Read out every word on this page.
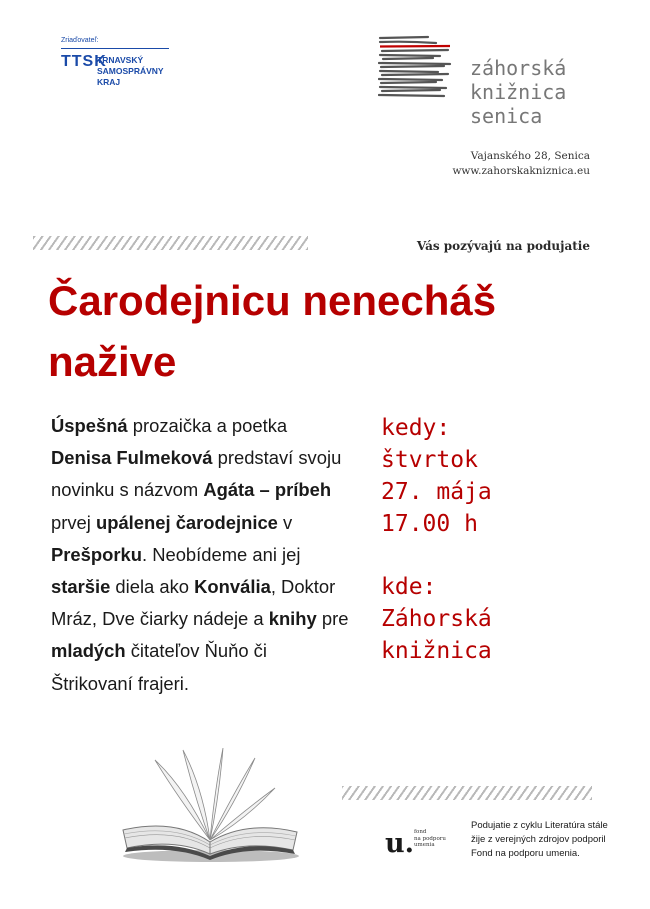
Zriaďovateľ:
TTSK
TRNAVSKÝ
SAMOSPRÁVNY
KRAJ
záhorská
knižnica
senica
Vajanského 28, Senica
www.zahorskakniznica.eu
Vás pozývajú na podujatie
Čarodejnicu nenecháš nažive
Úspešná prozaička a poetka Denisa Fulmeková predstaví svoju novinku s názvom Agáta – príbeh prvej upálenej čarodejnice v Prešporku. Neobídeme ani jej staršie diela ako Konvália, Doktor Mráz, Dve čiarky nádeje a knihy pre mladých čitateľov Ňuňo či Štrikovaní frajeri.
kedy:
štvrtok
27. mája
17.00 h
kde:
Záhorská
knižnica
u. fond
na podporu
umenia
Podujatie z cyklu Literatúra stále žije z verejných zdrojov podporil Fond na podporu umenia.
